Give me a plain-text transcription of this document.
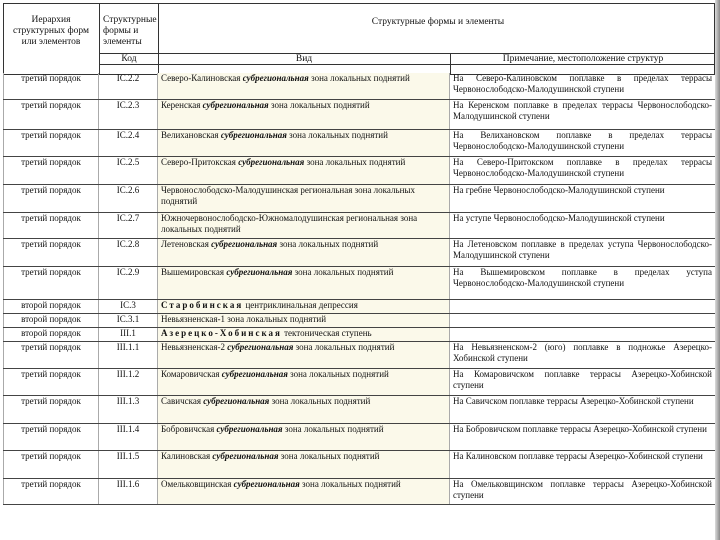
Иерархия структурных форм или элементов
Структурные формы и элементы
Структурные формы и элементы
Код	Вид	Примечание, местоположение структур
третий порядок	IC.2.2	Северо-Калиновская субрегиональная зона локальных поднятий	На Северо-Калиновском поплавке в пределах террасы Червонослободско-Малодушинской ступени
третий порядок	IC.2.3	Керенская субрегиональная зона локальных поднятий	На Керенском поплавке в пределах террасы Червонослободско-Малодушинской ступени
третий порядок	IC.2.4	Велихановская субрегиональная зона локальных поднятий	На Велихановском поплавке в пределах террасы Червонослободско-Малодушинской ступени
третий порядок	IC.2.5	Северо-Притокская субрегиональная зона локальных поднятий	На Северо-Притокском поплавке в пределах террасы Червонослободско-Малодушинской ступени
третий порядок	IC.2.6	Червонослободско-Малодушинская региональная зона локальных поднятий	На гребне Червонослободско-Малодушинской ступени
третий порядок	IC.2.7	Южночервонослободско-Южномалодушинская региональная зона локальных поднятий	На уступе Червонослободско-Малодушинской ступени
третий порядок	IC.2.8	Летеновская субрегиональная зона локальных поднятий	На Летеновском поплавке в пределах уступа Червонослободско-Малодушинской ступени
третий порядок	IC.2.9	Вышемировская субрегиональная зона локальных поднятий	На Вышемировском поплавке в пределах уступа Червонослободско-Малодушинской ступени
второй порядок	IC.3	Старобинская центриклинальная депрессия	
второй порядок	IC.3.1	Невьязненская-1 зона локальных поднятий	
второй порядок	III.1	Азерецко-Хобинская тектоническая ступень	
третий порядок	III.1.1	Невьязненская-2 субрегиональная зона локальных поднятий	На Невьязненском-2 (юго) поплавке в подножье Азерецко-Хобинской ступени
третий порядок	III.1.2	Комаровичская субрегиональная зона локальных поднятий	На Комаровичском поплавке террасы Азерецко-Хобинской ступени
третий порядок	III.1.3	Савичская субрегиональная зона локальных поднятий	На Савичском поплавке террасы Азерецко-Хобинской ступени
третий порядок	III.1.4	Бобровичская субрегиональная зона локальных поднятий	На Бобровичском поплавке террасы Азерецко-Хобинской ступени
третий порядок	III.1.5	Калиновская субрегиональная зона локальных поднятий	На Калиновском поплавке террасы Азерецко-Хобинской ступени
третий порядок	III.1.6	Омельковщинская субрегиональная зона локальных поднятий	На Омельковщинском поплавке террасы Азерецко-Хобинской ступени
